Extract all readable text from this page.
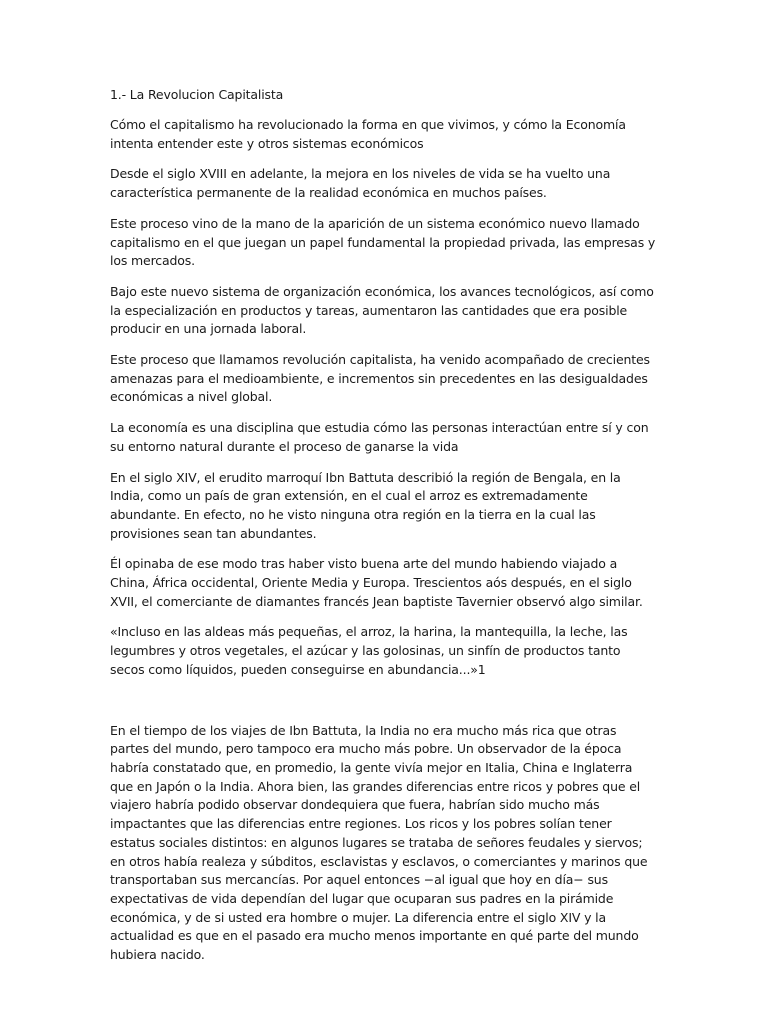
1.- La Revolucion Capitalista

Cómo el capitalismo ha revolucionado la forma en que vivimos, y cómo la Economía intenta entender este y otros sistemas económicos

Desde el siglo XVIII en adelante, la mejora en los niveles de vida se ha vuelto una característica permanente de la realidad económica en muchos países.

Este proceso vino de la mano de la aparición de un sistema económico nuevo llamado capitalismo en el que juegan un papel fundamental la propiedad privada, las empresas y los mercados.

Bajo este nuevo sistema de organización económica, los avances tecnológicos, así como la especialización en productos y tareas, aumentaron las cantidades que era posible producir en una jornada laboral.

Este proceso que llamamos revolución capitalista, ha venido acompañado de crecientes amenazas para el medioambiente, e incrementos sin precedentes en las desigualdades económicas a nivel global.

La economía es una disciplina que estudia cómo las personas interactúan entre sí y con su entorno natural durante el proceso de ganarse la vida

En el siglo XIV, el erudito marroquí Ibn Battuta describió la región de Bengala, en la India, como un país de gran extensión, en el cual el arroz es extremadamente abundante. En efecto, no he visto ninguna otra región en la tierra en la cual las provisiones sean tan abundantes.

Él opinaba de ese modo tras haber visto buena arte del mundo habiendo viajado a China, África occidental, Oriente Media y Europa. Trescientos aós después, en el siglo XVII, el comerciante de diamantes francés Jean baptiste Tavernier observó algo similar.

«Incluso en las aldeas más pequeñas, el arroz, la harina, la mantequilla, la leche, las legumbres y otros vegetales, el azúcar y las golosinas, un sinfín de productos tanto secos como líquidos, pueden conseguirse en abundancia...»1

En el tiempo de los viajes de Ibn Battuta, la India no era mucho más rica que otras partes del mundo, pero tampoco era mucho más pobre. Un observador de la época habría constatado que, en promedio, la gente vivía mejor en Italia, China e Inglaterra que en Japón o la India. Ahora bien, las grandes diferencias entre ricos y pobres que el viajero habría podido observar dondequiera que fuera, habrían sido mucho más impactantes que las diferencias entre regiones. Los ricos y los pobres solían tener estatus sociales distintos: en algunos lugares se trataba de señores feudales y siervos; en otros había realeza y súbditos, esclavistas y esclavos, o comerciantes y marinos que transportaban sus mercancías. Por aquel entonces −al igual que hoy en día− sus expectativas de vida dependían del lugar que ocuparan sus padres en la pirámide económica, y de si usted era hombre o mujer. La diferencia entre el siglo XIV y la actualidad es que en el pasado era mucho menos importante en qué parte del mundo hubiera nacido.
